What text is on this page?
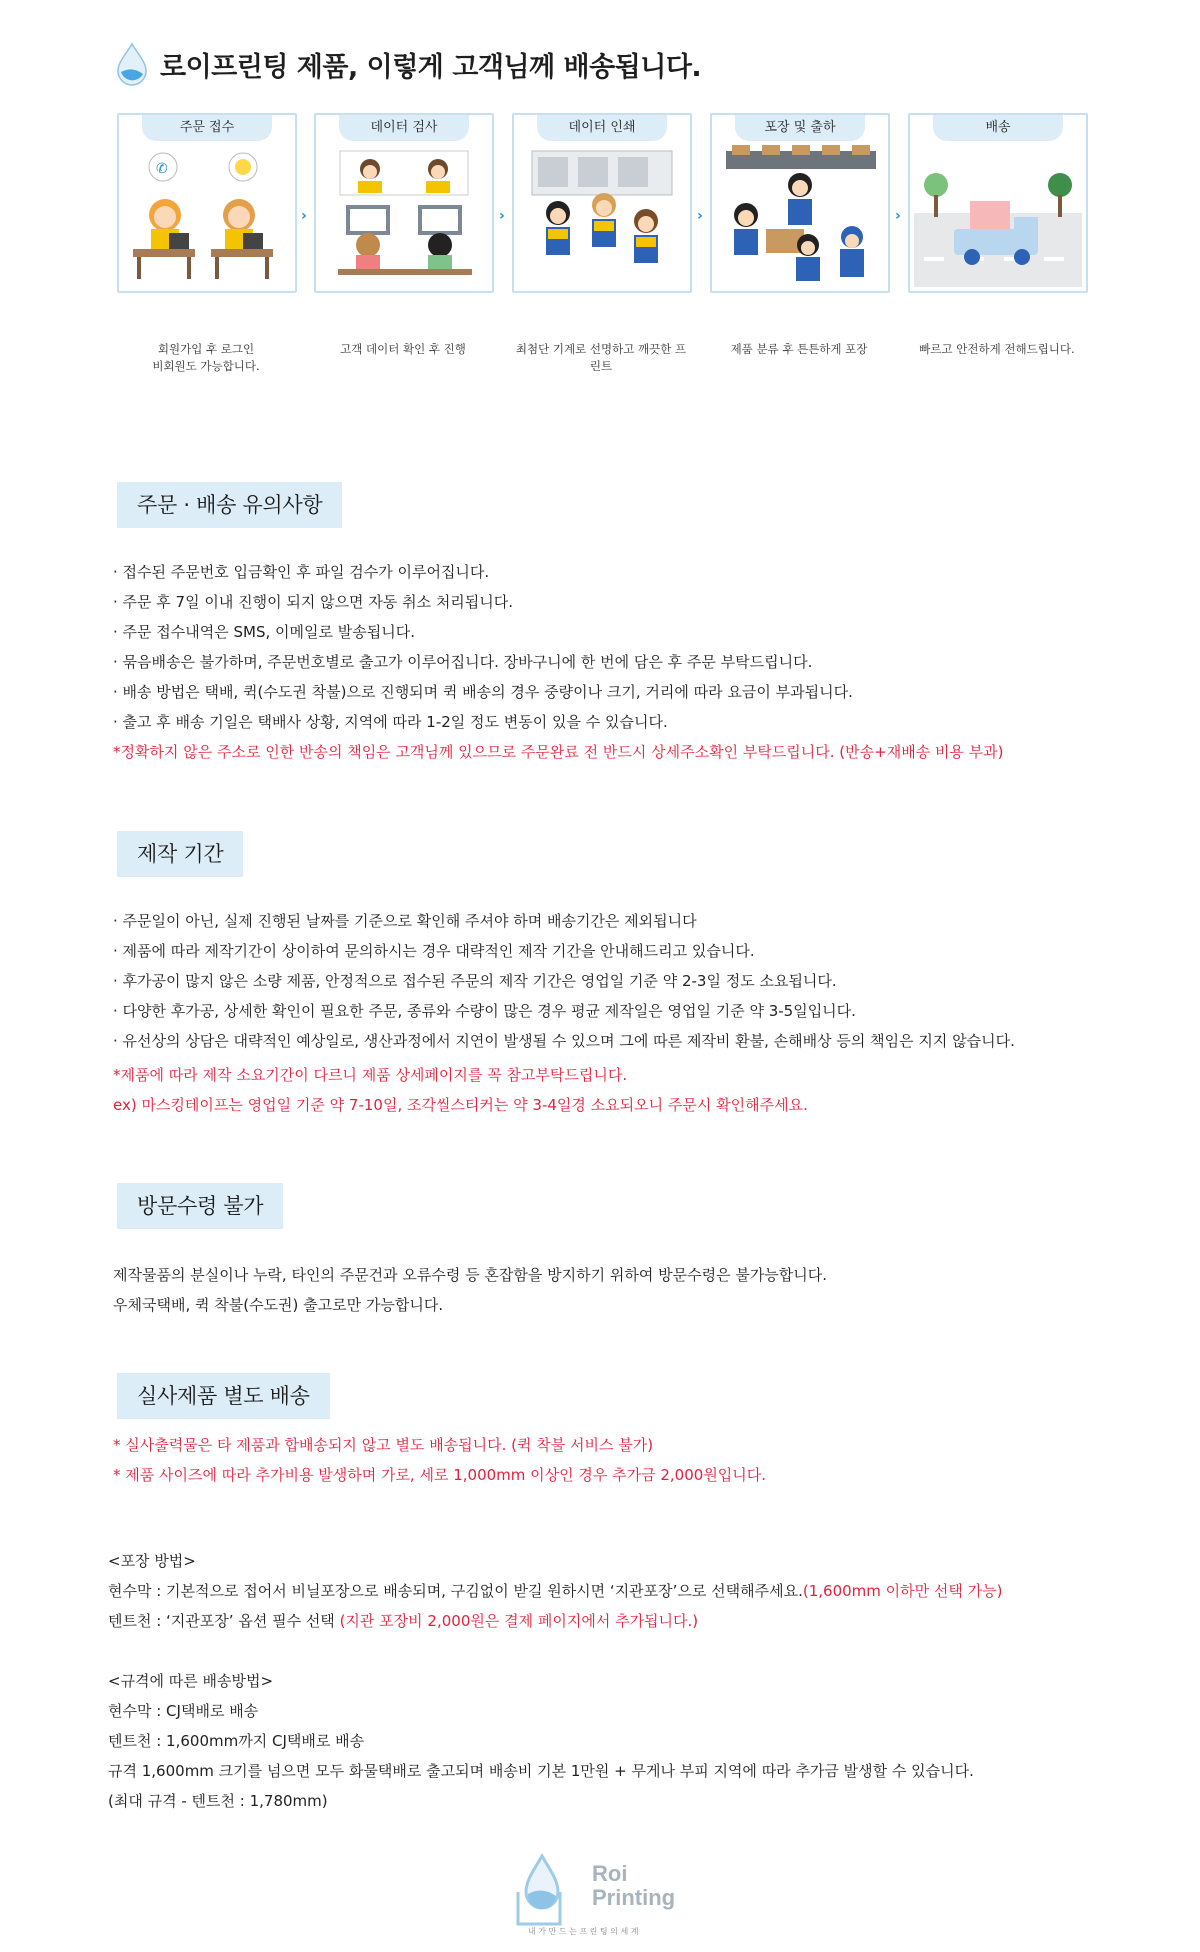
로이프린팅 제품, 이렇게 고객님께 배송됩니다.
주문 접수
✆
회원가입 후 로그인
비회원도 가능합니다.
›
데이터 검사
고객 데이터 확인 후 진행
›
데이터 인쇄
최첨단 기계로 선명하고 깨끗한 프린트
›
포장 및 출하
제품 분류 후 튼튼하게 포장
›
배송
빠르고 안전하게 전해드립니다.
주문 · 배송 유의사항

· 접수된 주문번호 입금확인 후 파일 검수가 이루어집니다.

· 주문 후 7일 이내 진행이 되지 않으면 자동 취소 처리됩니다.

· 주문 접수내역은 SMS, 이메일로 발송됩니다.

· 묶음배송은 불가하며, 주문번호별로 출고가 이루어집니다. 장바구니에 한 번에 담은 후 주문 부탁드립니다.

· 배송 방법은 택배, 퀵(수도권 착불)으로 진행되며 퀵 배송의 경우 중량이나 크기, 거리에 따라 요금이 부과됩니다.

· 출고 후 배송 기일은 택배사 상황, 지역에 따라 1-2일 정도 변동이 있을 수 있습니다.

*정확하지 않은 주소로 인한 반송의 책임은 고객님께 있으므로 주문완료 전 반드시 상세주소확인 부탁드립니다. (반송+재배송 비용 부과)

제작 기간

· 주문일이 아닌, 실제 진행된 날짜를 기준으로 확인해 주셔야 하며 배송기간은 제외됩니다

· 제품에 따라 제작기간이 상이하여 문의하시는 경우 대략적인 제작 기간을 안내해드리고 있습니다.

· 후가공이 많지 않은 소량 제품, 안정적으로 접수된 주문의 제작 기간은 영업일 기준 약 2-3일 정도 소요됩니다.

· 다양한 후가공, 상세한 확인이 필요한 주문, 종류와 수량이 많은 경우 평균 제작일은 영업일 기준 약 3-5일입니다.

· 유선상의 상담은 대략적인 예상일로, 생산과정에서 지연이 발생될 수 있으며 그에 따른 제작비 환불, 손해배상 등의 책임은 지지 않습니다.

*제품에 따라 제작 소요기간이 다르니 제품 상세페이지를 꼭 참고부탁드립니다.

ex) 마스킹테이프는 영업일 기준 약 7-10일, 조각씰스티커는 약 3-4일경 소요되오니 주문시 확인해주세요.

방문수령 불가

제작물품의 분실이나 누락, 타인의 주문건과 오류수령 등 혼잡함을 방지하기 위하여 방문수령은 불가능합니다.

우체국택배, 퀵 착불(수도권) 출고로만 가능합니다.

실사제품 별도 배송

* 실사출력물은 타 제품과 합배송되지 않고 별도 배송됩니다. (퀵 착불 서비스 불가)

* 제품 사이즈에 따라 추가비용 발생하며 가로, 세로 1,000mm 이상인 경우 추가금 2,000원입니다.

<포장 방법>

현수막 : 기본적으로 접어서 비닐포장으로 배송되며, 구김없이 받길 원하시면 ‘지관포장’으로 선택해주세요.(1,600mm 이하만 선택 가능)

텐트천 : ‘지관포장’ 옵션 필수 선택 (지관 포장비 2,000원은 결제 페이지에서 추가됩니다.)

<규격에 따른 배송방법>

현수막 : CJ택배로 배송

텐트천 : 1,600mm까지 CJ택배로 배송

규격 1,600mm 크기를 넘으면 모두 화물택배로 출고되며 배송비 기본 1만원 + 무게나 부피 지역에 따라 추가금 발생할 수 있습니다.

(최대 규격 - 텐트천 : 1,780mm)

Roi
Printing
내 가 만 드 는 프 린 팅 의 세 계
